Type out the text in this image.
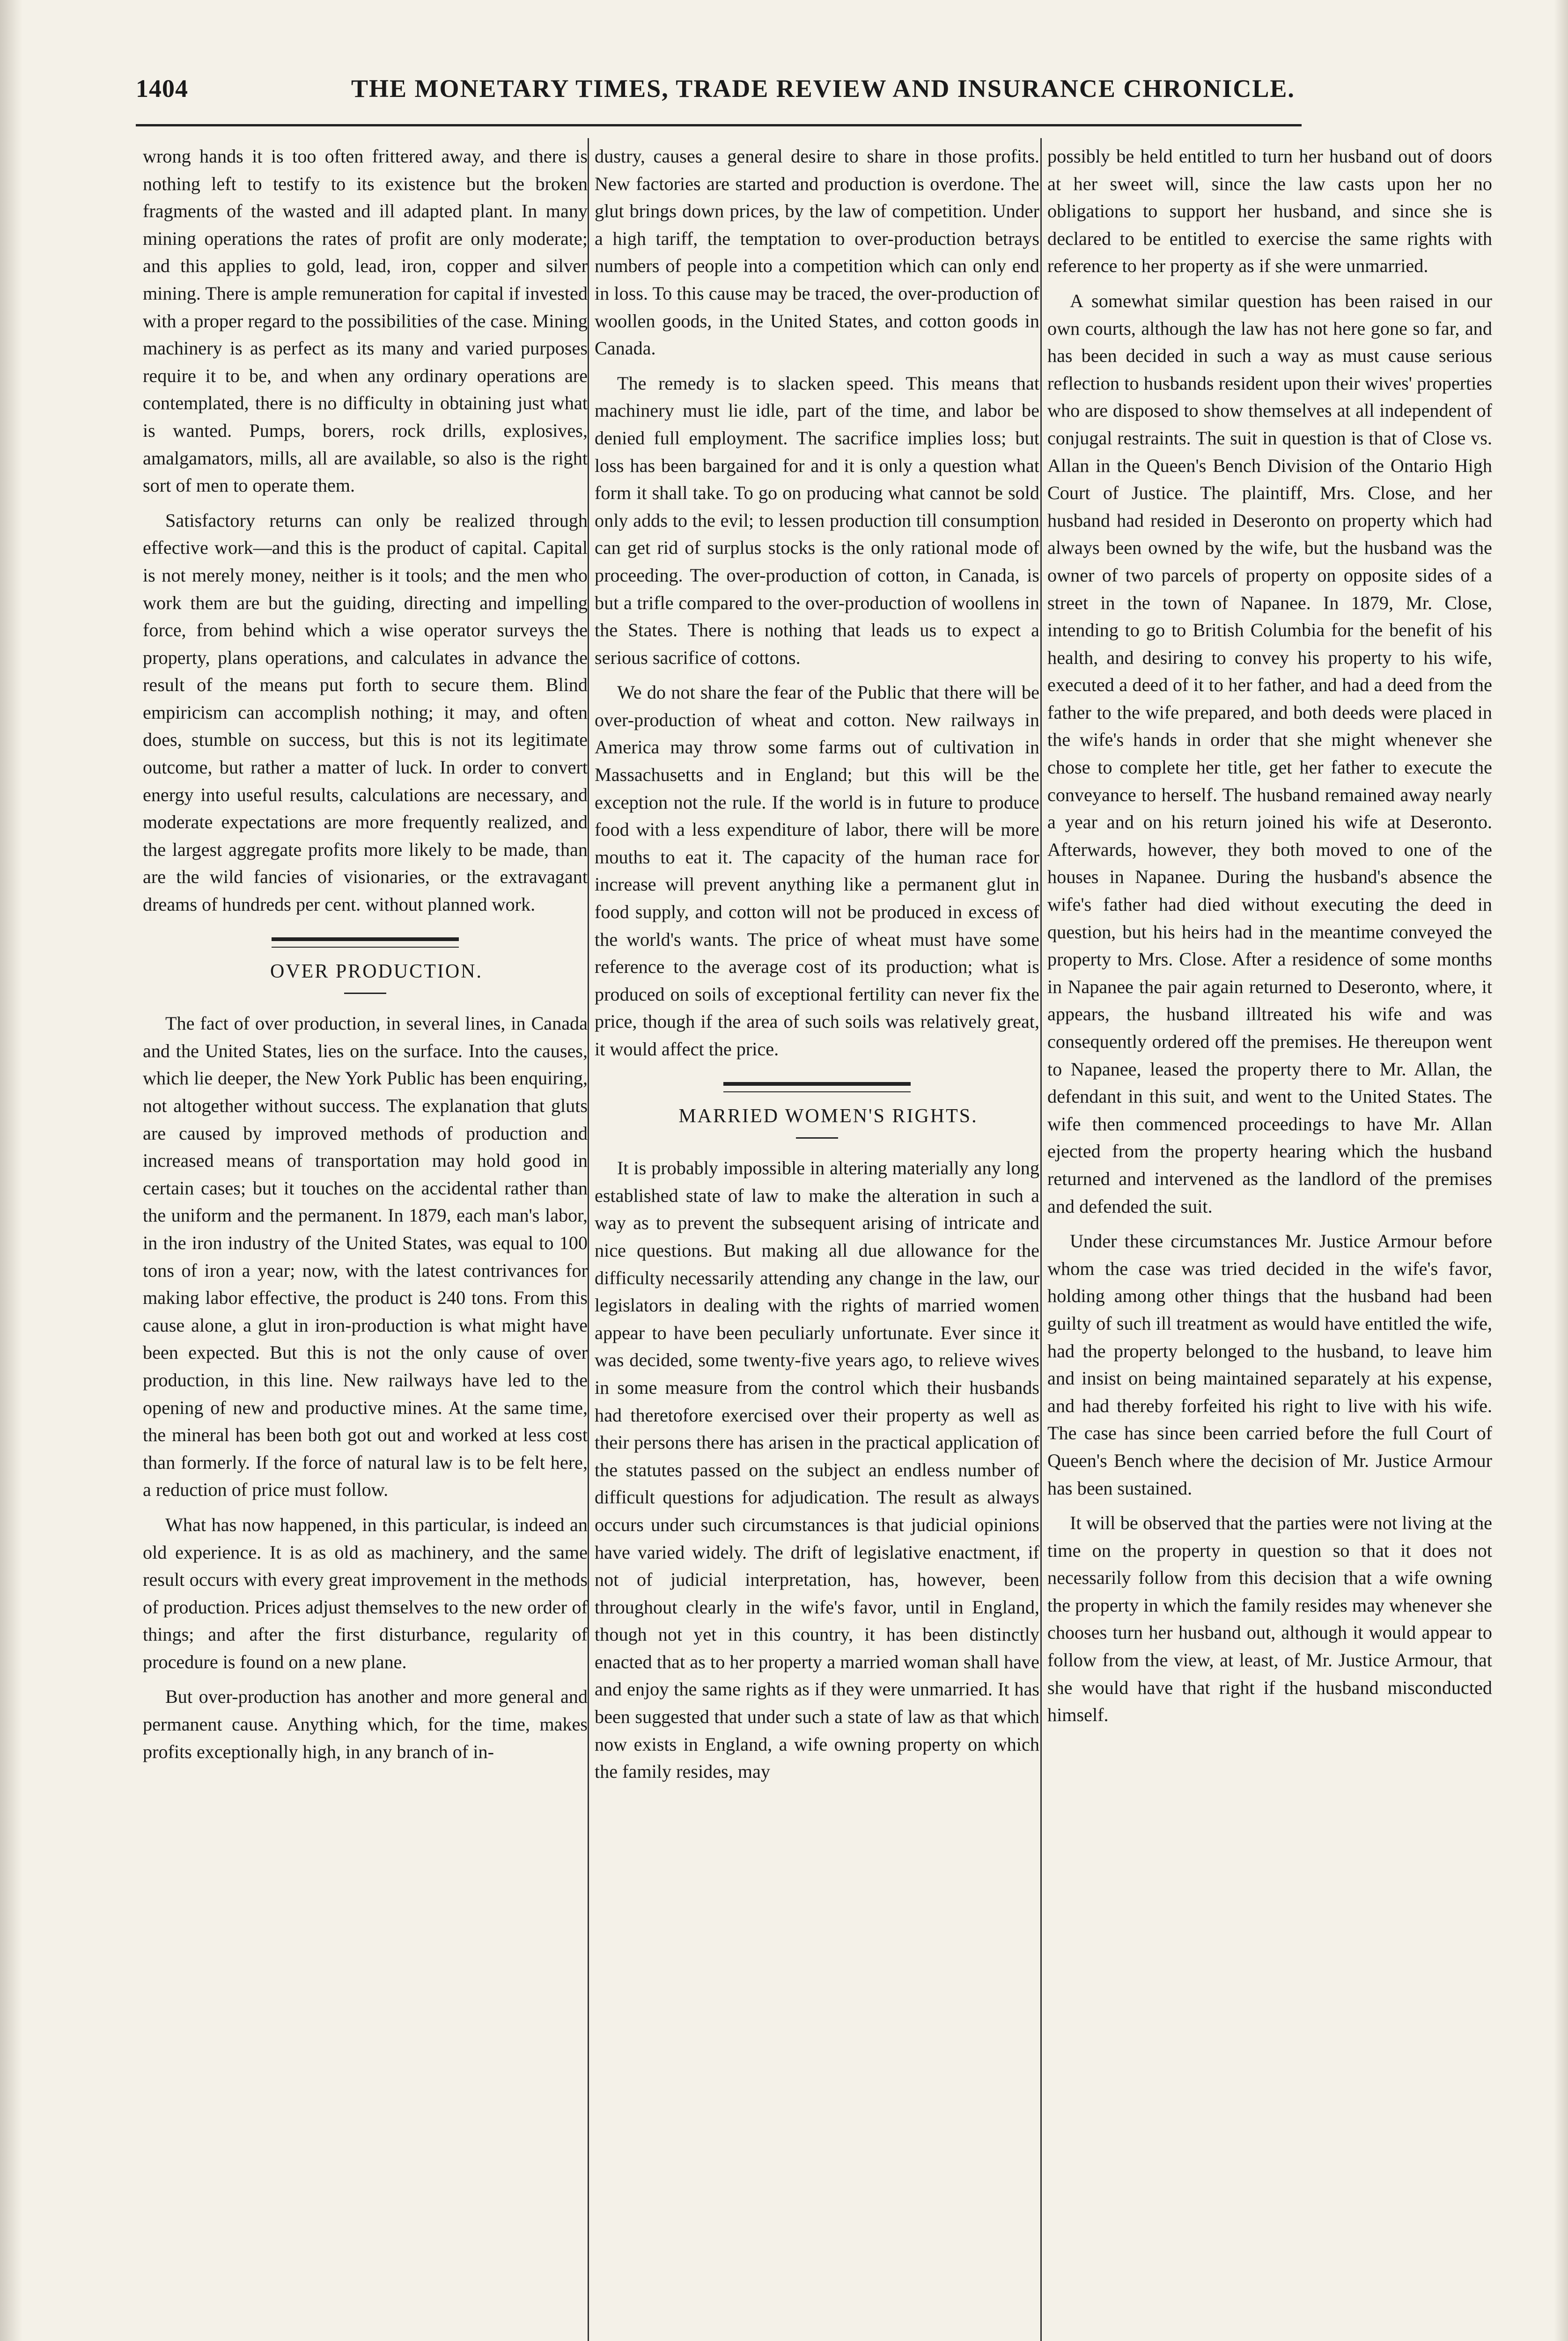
1404	THE MONETARY TIMES, TRADE REVIEW AND INSURANCE CHRONICLE.

wrong hands it is too often frittered away, and there is nothing left to testify to its existence but the broken fragments of the wasted and ill adapted plant. In many mining operations the rates of profit are only moderate; and this applies to gold, lead, iron, copper and silver mining. There is ample remuneration for capital if invested with a proper regard to the possibilities of the case. Mining machinery is as perfect as its many and varied purposes require it to be, and when any ordinary operations are contemplated, there is no difficulty in obtaining just what is wanted. Pumps, borers, rock drills, explosives, amalgamators, mills, all are available, so also is the right sort of men to operate them.

Satisfactory returns can only be realized through effective work—and this is the product of capital. Capital is not merely money, neither is it tools; and the men who work them are but the guiding, directing and impelling force, from behind which a wise operator surveys the property, plans operations, and calculates in advance the result of the means put forth to secure them. Blind empiricism can accomplish nothing; it may, and often does, stumble on success, but this is not its legitimate outcome, but rather a matter of luck. In order to convert energy into useful results, calculations are necessary, and moderate expectations are more frequently realized, and the largest aggregate profits more likely to be made, than are the wild fancies of visionaries, or the extravagant dreams of hundreds per cent. without planned work.

OVER PRODUCTION.

The fact of over production, in several lines, in Canada and the United States, lies on the surface. Into the causes, which lie deeper, the New York Public has been enquiring, not altogether without success. The explanation that gluts are caused by improved methods of production and increased means of transportation may hold good in certain cases; but it touches on the accidental rather than the uniform and the permanent. In 1879, each man's labor, in the iron industry of the United States, was equal to 100 tons of iron a year; now, with the latest contrivances for making labor effective, the product is 240 tons. From this cause alone, a glut in iron-production is what might have been expected. But this is not the only cause of over production, in this line. New railways have led to the opening of new and productive mines. At the same time, the mineral has been both got out and worked at less cost than formerly. If the force of natural law is to be felt here, a reduction of price must follow.

What has now happened, in this particular, is indeed an old experience. It is as old as machinery, and the same result occurs with every great improvement in the methods of production. Prices adjust themselves to the new order of things; and after the first disturbance, regularity of procedure is found on a new plane.

But over-production has another and more general and permanent cause. Anything which, for the time, makes profits exceptionally high, in any branch of in-

dustry, causes a general desire to share in those profits. New factories are started and production is overdone. The glut brings down prices, by the law of competition. Under a high tariff, the temptation to over-production betrays numbers of people into a competition which can only end in loss. To this cause may be traced, the over-production of woollen goods, in the United States, and cotton goods in Canada.

The remedy is to slacken speed. This means that machinery must lie idle, part of the time, and labor be denied full employment. The sacrifice implies loss; but loss has been bargained for and it is only a question what form it shall take. To go on producing what cannot be sold only adds to the evil; to lessen production till consumption can get rid of surplus stocks is the only rational mode of proceeding. The over-production of cotton, in Canada, is but a trifle compared to the over-production of woollens in the States. There is nothing that leads us to expect a serious sacrifice of cottons.

We do not share the fear of the Public that there will be over-production of wheat and cotton. New railways in America may throw some farms out of cultivation in Massachusetts and in England; but this will be the exception not the rule. If the world is in future to produce food with a less expenditure of labor, there will be more mouths to eat it. The capacity of the human race for increase will prevent anything like a permanent glut in food supply, and cotton will not be produced in excess of the world's wants. The price of wheat must have some reference to the average cost of its production; what is produced on soils of exceptional fertility can never fix the price, though if the area of such soils was relatively great, it would affect the price.

MARRIED WOMEN'S RIGHTS.

It is probably impossible in altering materially any long established state of law to make the alteration in such a way as to prevent the subsequent arising of intricate and nice questions. But making all due allowance for the difficulty necessarily attending any change in the law, our legislators in dealing with the rights of married women appear to have been peculiarly unfortunate. Ever since it was decided, some twenty-five years ago, to relieve wives in some measure from the control which their husbands had theretofore exercised over their property as well as their persons there has arisen in the practical application of the statutes passed on the subject an endless number of difficult questions for adjudication. The result as always occurs under such circumstances is that judicial opinions have varied widely. The drift of legislative enactment, if not of judicial interpretation, has, however, been throughout clearly in the wife's favor, until in England, though not yet in this country, it has been distinctly enacted that as to her property a married woman shall have and enjoy the same rights as if they were unmarried. It has been suggested that under such a state of law as that which now exists in England, a wife owning property on which the family resides, may

possibly be held entitled to turn her husband out of doors at her sweet will, since the law casts upon her no obligations to support her husband, and since she is declared to be entitled to exercise the same rights with reference to her property as if she were unmarried.

A somewhat similar question has been raised in our own courts, although the law has not here gone so far, and has been decided in such a way as must cause serious reflection to husbands resident upon their wives' properties who are disposed to show themselves at all independent of conjugal restraints. The suit in question is that of Close vs. Allan in the Queen's Bench Division of the Ontario High Court of Justice. The plaintiff, Mrs. Close, and her husband had resided in Deseronto on property which had always been owned by the wife, but the husband was the owner of two parcels of property on opposite sides of a street in the town of Napanee. In 1879, Mr. Close, intending to go to British Columbia for the benefit of his health, and desiring to convey his property to his wife, executed a deed of it to her father, and had a deed from the father to the wife prepared, and both deeds were placed in the wife's hands in order that she might whenever she chose to complete her title, get her father to execute the conveyance to herself. The husband remained away nearly a year and on his return joined his wife at Deseronto. Afterwards, however, they both moved to one of the houses in Napanee. During the husband's absence the wife's father had died without executing the deed in question, but his heirs had in the meantime conveyed the property to Mrs. Close. After a residence of some months in Napanee the pair again returned to Deseronto, where, it appears, the husband illtreated his wife and was consequently ordered off the premises. He thereupon went to Napanee, leased the property there to Mr. Allan, the defendant in this suit, and went to the United States. The wife then commenced proceedings to have Mr. Allan ejected from the property hearing which the husband returned and intervened as the landlord of the premises and defended the suit.

Under these circumstances Mr. Justice Armour before whom the case was tried decided in the wife's favor, holding among other things that the husband had been guilty of such ill treatment as would have entitled the wife, had the property belonged to the husband, to leave him and insist on being maintained separately at his expense, and had thereby forfeited his right to live with his wife. The case has since been carried before the full Court of Queen's Bench where the decision of Mr. Justice Armour has been sustained.

It will be observed that the parties were not living at the time on the property in question so that it does not necessarily follow from this decision that a wife owning the property in which the family resides may whenever she chooses turn her husband out, although it would appear to follow from the view, at least, of Mr. Justice Armour, that she would have that right if the husband misconducted himself.
